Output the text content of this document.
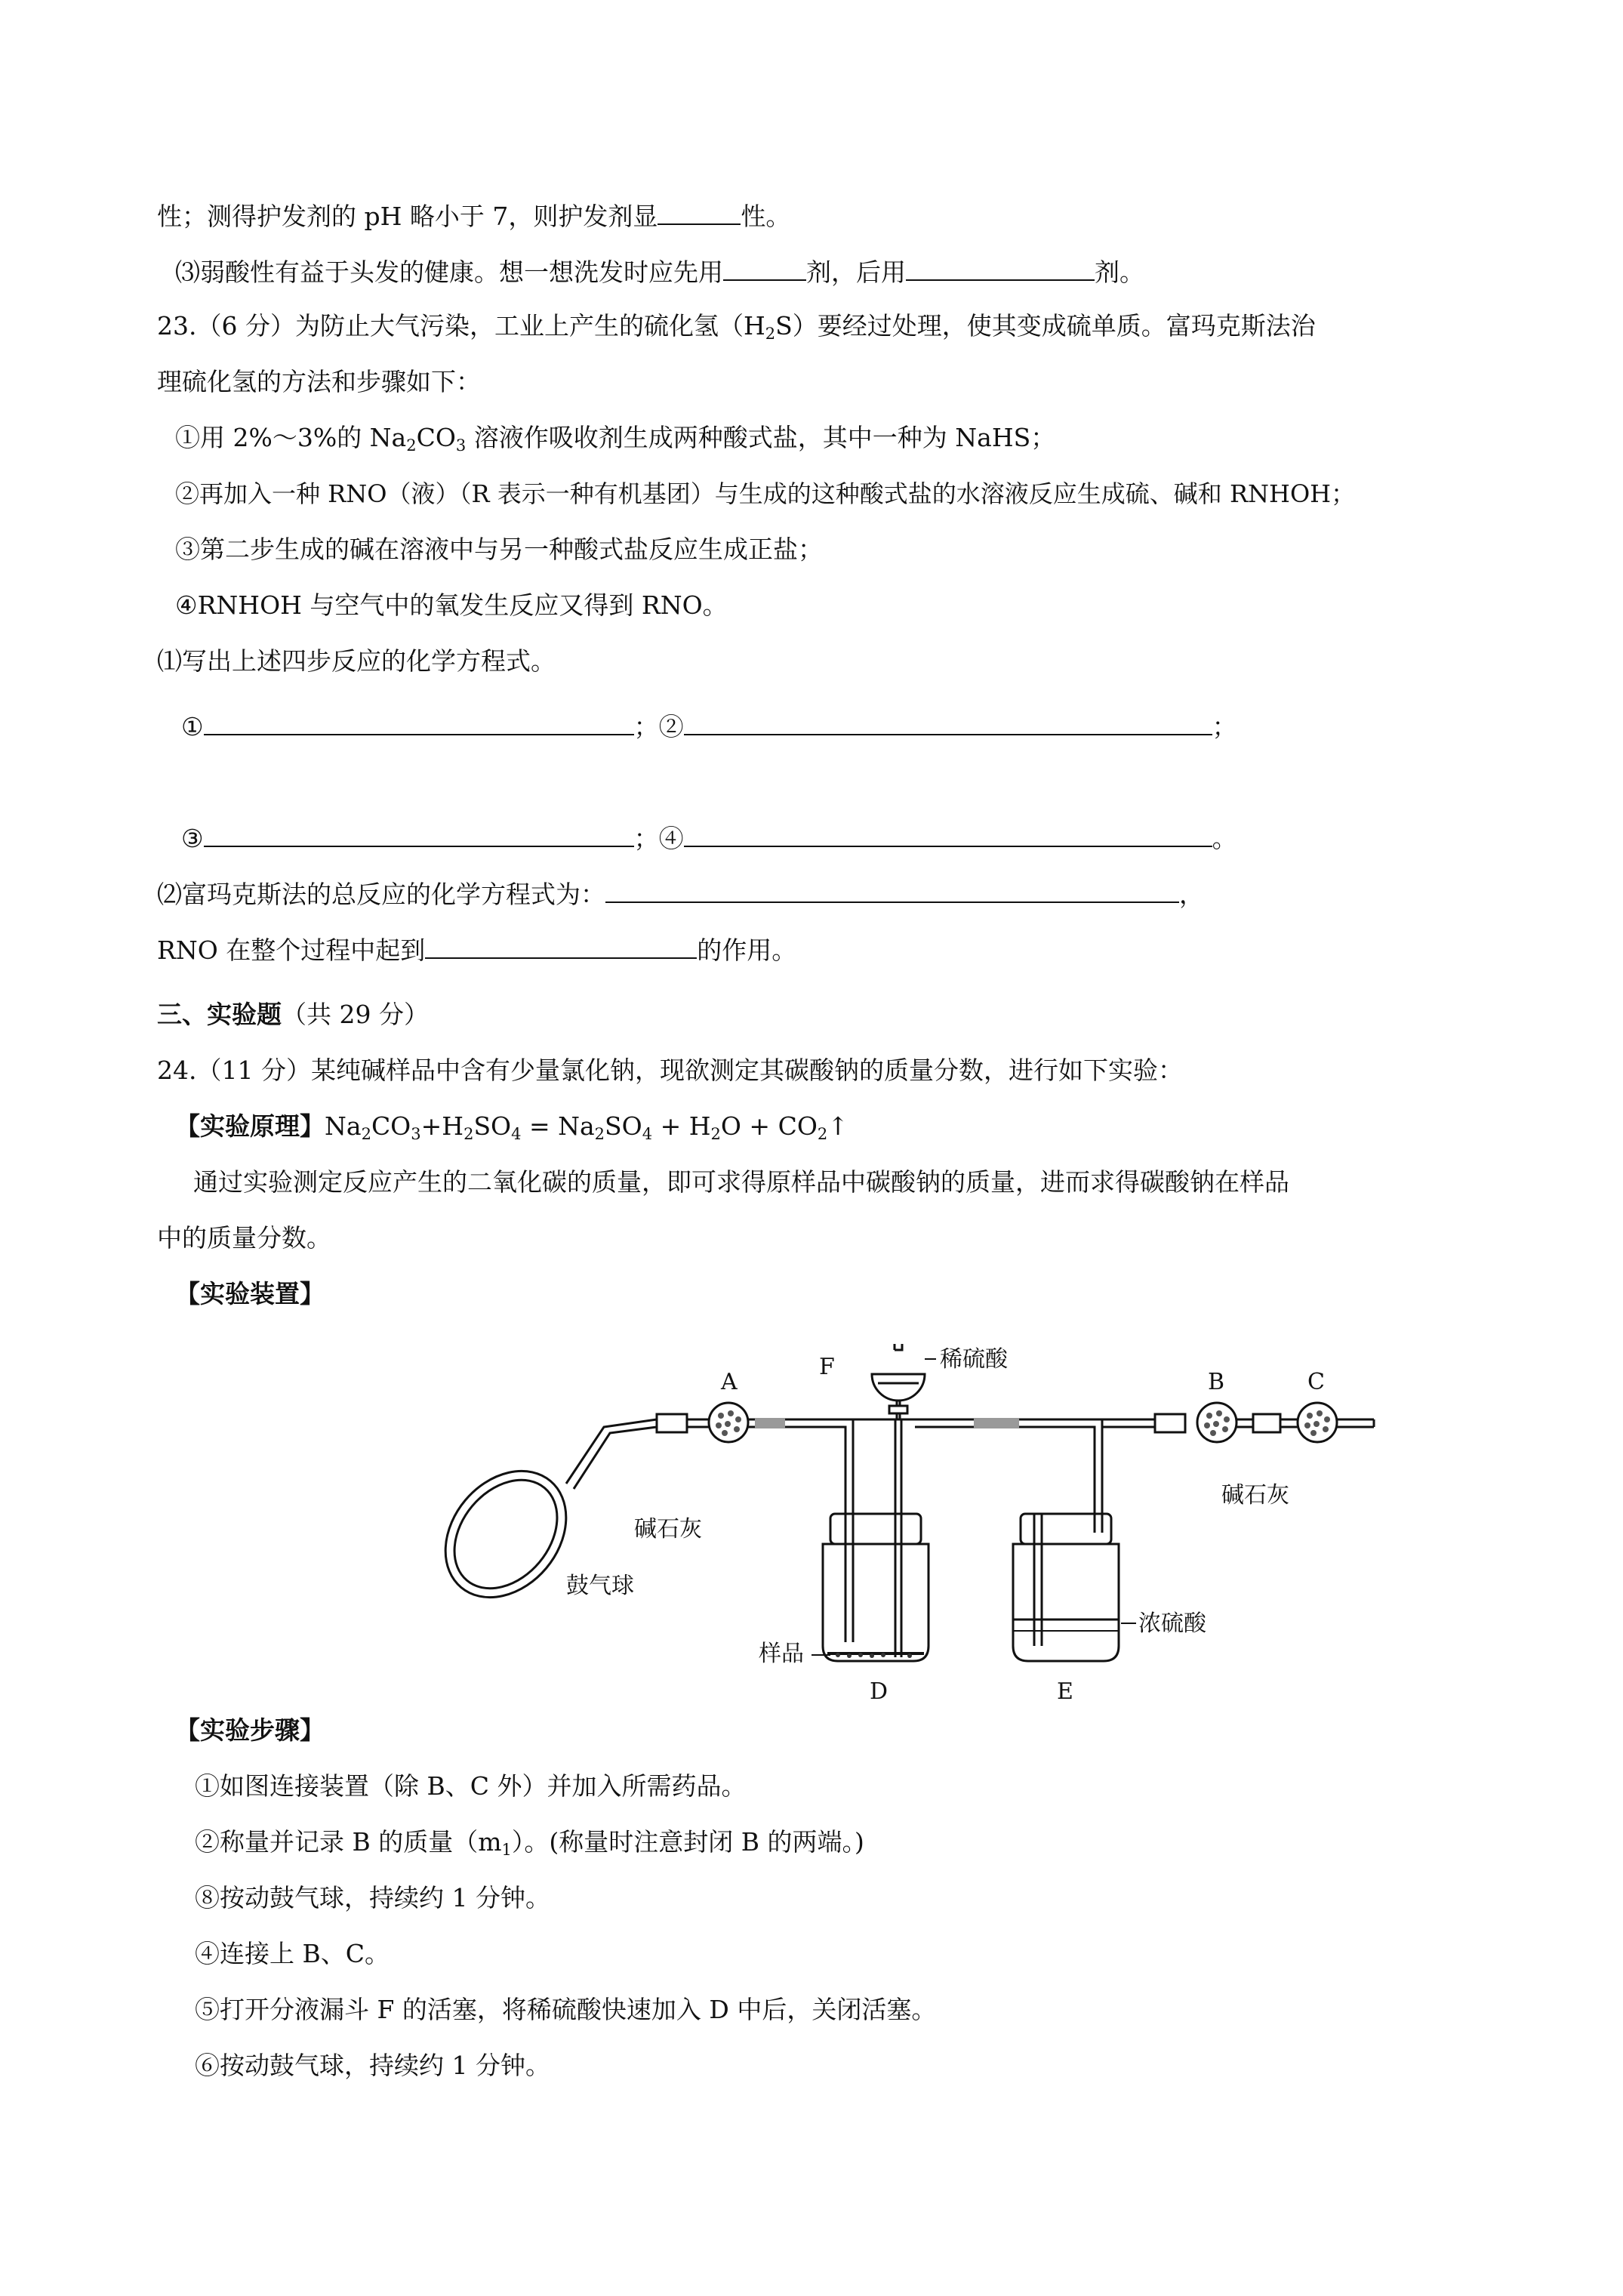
性；测得护发剂的 pH 略小于 7，则护发剂显	性。
⑶弱酸性有益于头发的健康。想一想洗发时应先用	剂，后用	剂。
23.（6 分）为防止大气污染，工业上产生的硫化氢$(H_2S)$要经过处理，使其变成硫单质。富玛克斯法治
理硫化氢的方法和步骤如下：
①用 2%～3%的 $Na_2CO_3$ 溶液作吸收剂生成两种酸式盐，其中一种为 NaHS；
②再加入一种 RNO（液）（R 表示一种有机基团）与生成的这种酸式盐的水溶液反应生成硫、碱和 RNHOH；
③第二步生成的碱在溶液中与另一种酸式盐反应生成正盐；
④RNHOH 与空气中的氧发生反应又得到 RNO。
⑴写出上述四步反应的化学方程式。
①	；②	；
③	；④	。
⑵富玛克斯法的总反应的化学方程式为：	，
RNO 在整个过程中起到	的作用。
三、实验题（共 29 分）
24.（11 分）某纯碱样品中含有少量氯化钠，现欲测定其碳酸钠的质量分数，进行如下实验：
【实验原理】$Na_2CO_3+H_2SO_4 = Na_2SO_4 + H_2O$ + $CO_2↑$
通过实验测定反应产生的二氧化碳的质量，即可求得原样品中碳酸钠的质量，进而求得碳酸钠在样品
中的质量分数。
【实验装置】
A
F	稀硫酸
B	C
碱石灰
碱石灰
鼓气球
样品
D	E
浓硫酸
【实验步骤】
①如图连接装置（除 B、C 外）并加入所需药品。
②称量并记录 B 的质量$(m_1)$。(称量时注意封闭 B 的两端。)
⑧按动鼓气球，持续约 1 分钟。
④连接上 B、C。
⑤打开分液漏斗 F 的活塞，将稀硫酸快速加入 D 中后，关闭活塞。
⑥按动鼓气球，持续约 1 分钟。
